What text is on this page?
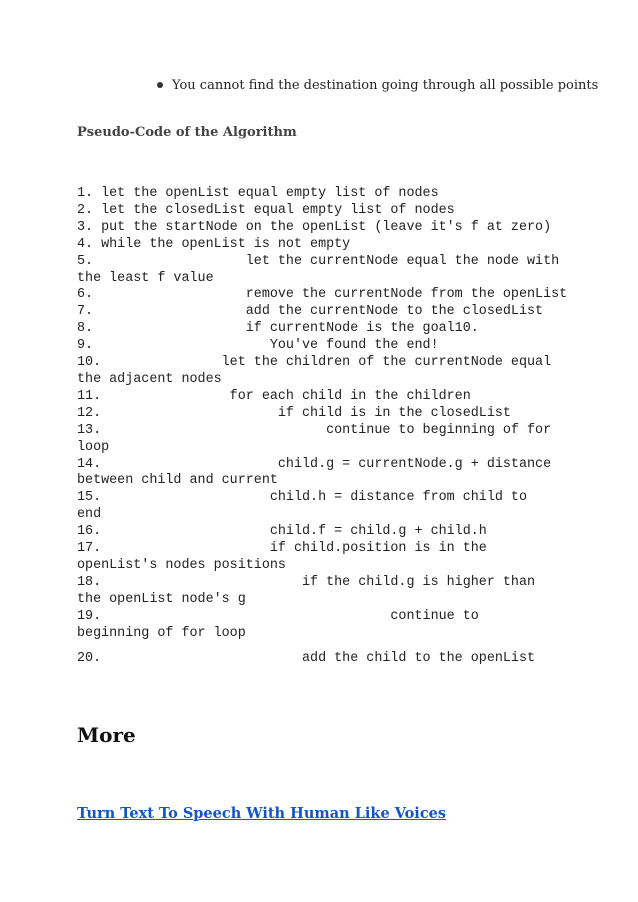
You cannot find the destination going through all possible points
Pseudo-Code of the Algorithm
1. let the openList equal empty list of nodes
2. let the closedList equal empty list of nodes
3. put the startNode on the openList (leave it's f at zero)
4. while the openList is not empty
5.                   let the currentNode equal the node with
the least f value
6.                   remove the currentNode from the openList
7.                   add the currentNode to the closedList
8.                   if currentNode is the goal10.
9.                      You've found the end!
10.               let the children of the currentNode equal
the adjacent nodes
11.                for each child in the children
12.                      if child is in the closedList
13.                            continue to beginning of for
loop
14.                      child.g = currentNode.g + distance
between child and current
15.                     child.h = distance from child to
end
16.                     child.f = child.g + child.h
17.                     if child.position is in the
openList's nodes positions
18.                         if the child.g is higher than
the openList node's g
19.                                    continue to
beginning of for loop
20.                         add the child to the openList
More
Turn Text To Speech With Human Like Voices
